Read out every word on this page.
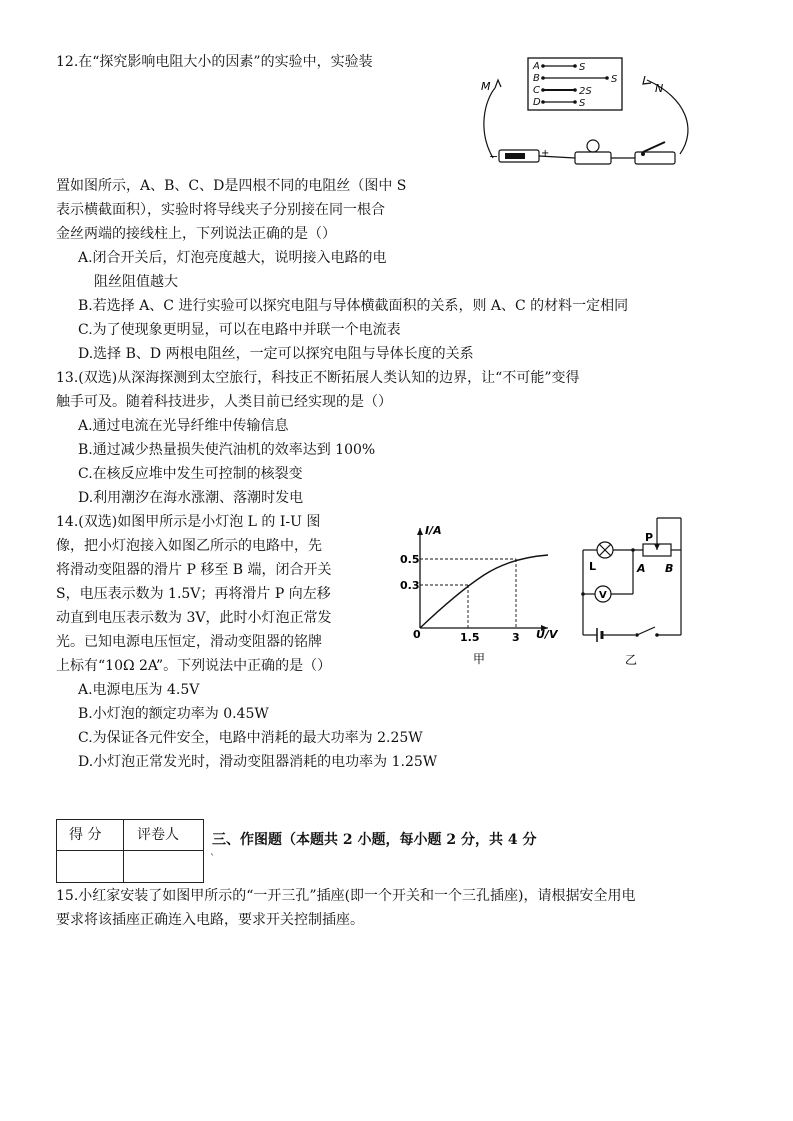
12.在“探究影响电阻大小的因素”的实验中，实验装
置如图所示，A、B、C、D是四根不同的电阻丝（图中 S
表示横截面积），实验时将导线夹子分别接在同一根合
金丝两端的接线柱上，下列说法正确的是（）
A.闭合开关后，灯泡亮度越大，说明接入电路的电
阻丝阻值越大
B.若选择 A、C 进行实验可以探究电阻与导体横截面积的关系，则 A、C 的材料一定相同
C.为了使现象更明显，可以在电路中并联一个电流表
D.选择 B、D 两根电阻丝，一定可以探究电阻与导体长度的关系
A	S
B	S
C	2S
D	S
M	N
−	+
13.(双选)从深海探测到太空旅行，科技正不断拓展人类认知的边界，让“不可能”变得
触手可及。随着科技进步，人类目前已经实现的是（）
A.通过电流在光导纤维中传输信息
B.通过减少热量损失使汽油机的效率达到 100%
C.在核反应堆中发生可控制的核裂变
D.利用潮汐在海水涨潮、落潮时发电
14.(双选)如图甲所示是小灯泡 L 的 I-U 图
像，把小灯泡接入如图乙所示的电路中，先
将滑动变阻器的滑片 P 移至 B 端，闭合开关
S，电压表示数为 1.5V；再将滑片 P 向左移
动直到电压表示数为 3V，此时小灯泡正常发
光。已知电源电压恒定，滑动变阻器的铭牌
上标有“10Ω 2A”。下列说法中正确的是（）
A.电源电压为 4.5V
B.小灯泡的额定功率为 0.45W
C.为保证各元件安全，电路中消耗的最大功率为 2.25W
D.小灯泡正常发光时，滑动变阻器消耗的电功率为 1.25W
I/A
U/V
0
0.5
0.3
1.5	3
甲
L
P
A B
V
乙
得 分	评卷人 三、作图题（本题共 2 小题，每小题 2 分，共 4 分
`
15.小红家安装了如图甲所示的“一开三孔”插座(即一个开关和一个三孔插座)，请根据安全用电
要求将该插座正确连入电路，要求开关控制插座。
